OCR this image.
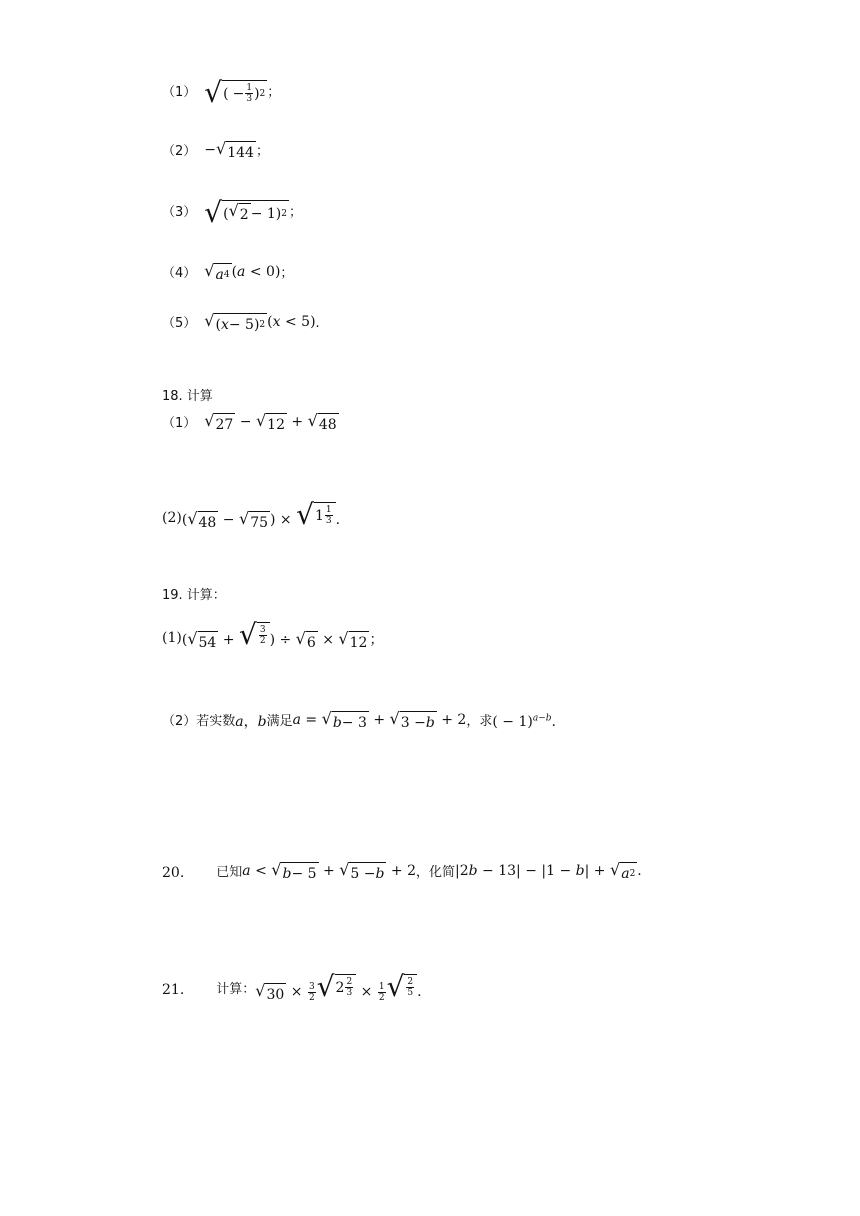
（1） √ ( − $\frac{1}{3}$ ) 2 ；
（2） − √ 144 ；
（3） √ ( √ 2 − 1) 2 ；
（4） √ a 4 (a < 0) ；
（5） √ ( x − 5) 2 (x < 5) .
18. 计算
（1） √ 27 − √ 12 + √ 48
(2) ( √ 48 − √ 75 ) × √ $1 \frac{1}{3}$ .
19. 计算：
(1) ( √ 54 + √ $\frac{3}{2}$ ) ÷ √ 6 × √ 12 ；
（2）若实数 a，b 满足 a = √ b − 3 + √ 3 − b + 2 ，求 ( − 1)$^{a-b}$.
20. 已知 a < √ b − 5 + √ 5 − b + 2 ，化简 |2b − 13| − |1 − b| + √ a 2 .
21. 计算： √ $30 \times \frac{3}{2}$ √ $2 \frac{2}{3} \times \frac{1}{2}$ √ $\frac{2}{5}$ .
